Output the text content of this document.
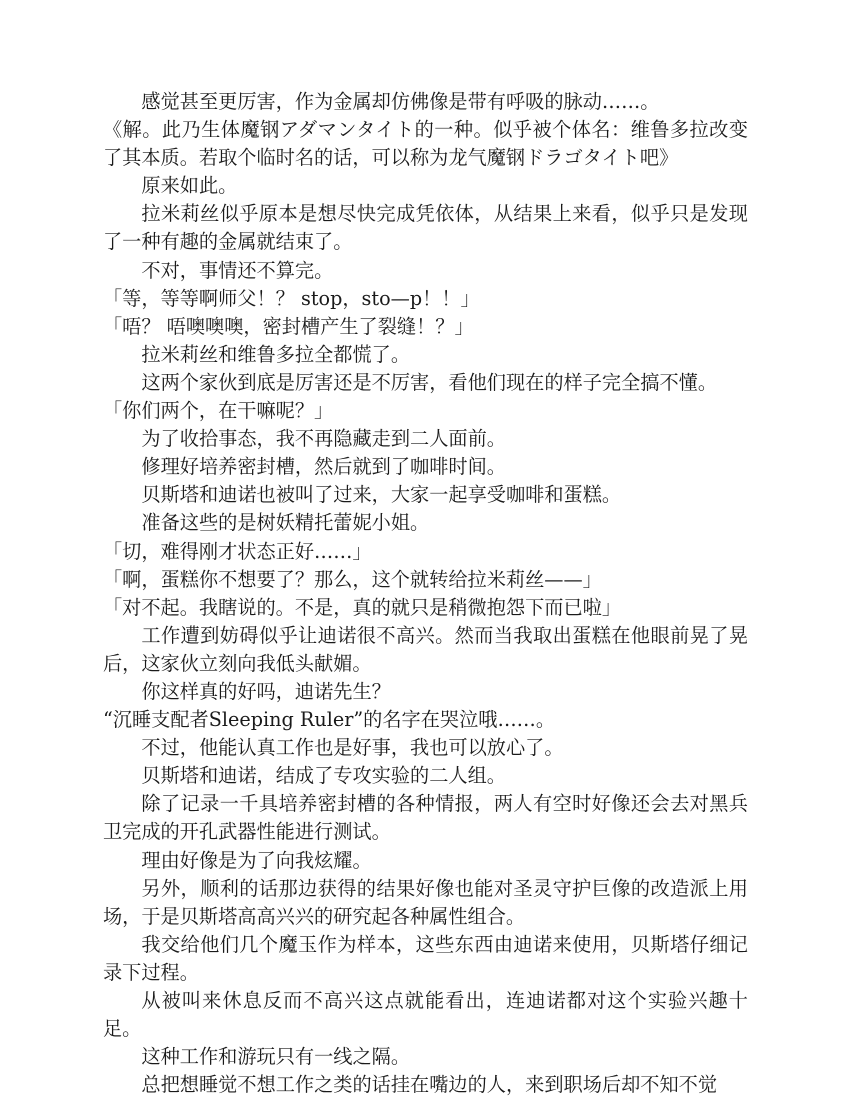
感觉甚至更厉害，作为金属却仿佛像是带有呼吸的脉动……。

《解。此乃生体魔钢アダマンタイト的一种。似乎被个体名：维鲁多拉改变了其本质。若取个临时名的话，可以称为龙气魔钢ドラゴタイト吧》

原来如此。

拉米莉丝似乎原本是想尽快完成凭依体，从结果上来看，似乎只是发现了一种有趣的金属就结束了。

不对，事情还不算完。

「等，等等啊师父！？ stop，sto—p！！」

「唔？ 唔噢噢噢，密封槽产生了裂缝！？」

拉米莉丝和维鲁多拉全都慌了。

这两个家伙到底是厉害还是不厉害，看他们现在的样子完全搞不懂。

「你们两个，在干嘛呢？」

为了收拾事态，我不再隐藏走到二人面前。

修理好培养密封槽，然后就到了咖啡时间。

贝斯塔和迪诺也被叫了过来，大家一起享受咖啡和蛋糕。

准备这些的是树妖精托蕾妮小姐。

「切，难得刚才状态正好……」

「啊，蛋糕你不想要了？那么，这个就转给拉米莉丝——」

「对不起。我瞎说的。不是，真的就只是稍微抱怨下而已啦」

工作遭到妨碍似乎让迪诺很不高兴。然而当我取出蛋糕在他眼前晃了晃后，这家伙立刻向我低头献媚。

你这样真的好吗，迪诺先生？

“沉睡支配者Sleeping Ruler”的名字在哭泣哦……。

不过，他能认真工作也是好事，我也可以放心了。

贝斯塔和迪诺，结成了专攻实验的二人组。

除了记录一千具培养密封槽的各种情报，两人有空时好像还会去对黑兵卫完成的开孔武器性能进行测试。

理由好像是为了向我炫耀。

另外，顺利的话那边获得的结果好像也能对圣灵守护巨像的改造派上用场，于是贝斯塔高高兴兴的研究起各种属性组合。

我交给他们几个魔玉作为样本，这些东西由迪诺来使用，贝斯塔仔细记录下过程。

从被叫来休息反而不高兴这点就能看出，连迪诺都对这个实验兴趣十足。

这种工作和游玩只有一线之隔。

总把想睡觉不想工作之类的话挂在嘴边的人，来到职场后却不知不觉
